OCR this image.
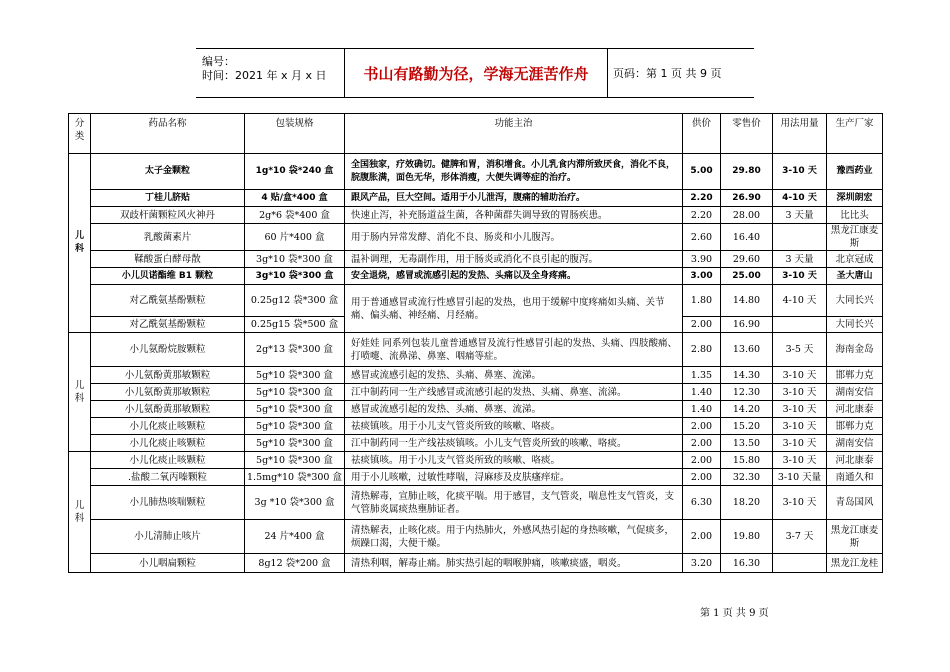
编号：
时间：2021 年 x 月 x 日	书山有路勤为径，学海无涯苦作舟	页码：第 1 页 共 9 页
分类	药品名称	包装规格	功能主治	供价	零售价	用法用量	生产厂家
儿科	太子金颗粒	1g*10 袋*240 盒	全国独家，疗效确切。健脾和胃，消积增食。小儿乳食内滞所致厌食，消化不良，脘腹胀满，面色无华，形体消瘦，大便失调等症的治疗。	5.00	29.80	3-10 天	豫西药业
	丁桂儿脐贴	4 贴/盒*400 盒	跟风产品，巨大空间。适用于小儿泄泻，腹痛的辅助治疗。	2.20	26.90	4-10 天	深圳朗宏
	双歧杆菌颗粒风火神丹	2g*6 袋*400 盒	快速止泻，补充肠道益生菌，各种菌群失调导致的胃肠疾患。	2.20	28.00	3 天量	比比头
	乳酸菌素片	60 片*400 盒	用于肠内异常发酵、消化不良、肠炎和小儿腹泻。	2.60	16.40		黑龙江康麦斯
	鞣酸蛋白酵母散	3g*10 袋*300 盒	温补调理，无毒副作用，用于肠炎或消化不良引起的腹泻。	3.90	29.60	3 天量	北京冠成
	小儿贝诺酯维 B1 颗粒	3g*10 袋*300 盒	安全退烧，感冒或流感引起的发热、头痛以及全身疼痛。	3.00	25.00	3-10 天	圣大唐山
	对乙酰氨基酚颗粒	0.25g12 袋*300 盒	用于普通感冒或流行性感冒引起的发热，也用于缓解中度疼痛如头痛、关节痛、偏头痛、神经痛、月经痛。	1.80	14.80	4-10 天	大同长兴
	对乙酰氨基酚颗粒	0.25g15 袋*500 盒		2.00	16.90		大同长兴
儿科	小儿氨酚烷胺颗粒	2g*13 袋*300 盒	好娃娃 同系列包装儿童普通感冒及流行性感冒引起的发热、头痛、四肢酸痛、打喷嚏、流鼻涕、鼻塞、咽痛等症。	2.80	13.60	3-5 天	海南金岛
	小儿氨酚黄那敏颗粒	5g*10 袋*300 盒	感冒或流感引起的发热、头痛、鼻塞、流涕。	1.35	14.30	3-10 天	邯郸力克
	小儿氨酚黄那敏颗粒	5g*10 袋*300 盒	江中制药同一生产线感冒或流感引起的发热、头痛、鼻塞、流涕。	1.40	12.30	3-10 天	湖南安信
	小儿氨酚黄那敏颗粒	5g*10 袋*300 盒	感冒或流感引起的发热、头痛、鼻塞、流涕。	1.40	14.20	3-10 天	河北康泰
	小儿化痰止咳颗粒	5g*10 袋*300 盒	祛痰镇咳。用于小儿支气管炎所致的咳嗽、咯痰。	2.00	15.20	3-10 天	邯郸力克
	小儿化痰止咳颗粒	5g*10 袋*300 盒	江中制药同一生产线祛痰镇咳。小儿支气管炎所致的咳嗽、咯痰。	2.00	13.50	3-10 天	湖南安信
儿科	小儿化痰止咳颗粒	5g*10 袋*300 盒	祛痰镇咳。用于小儿支气管炎所致的咳嗽、咯痰。	2.00	15.80	3-10 天	河北康泰
	.盐酸二氧丙嗪颗粒	1.5mg*10 袋*300 盒	用于小儿咳嗽，过敏性哮喘，浔麻疹及皮肤瘙痒症。	2.00	32.30	3-10 天量	南通久和
	小儿肺热咳喘颗粒	3g *10 袋*300 盒	清热解毒，宣肺止咳，化痰平喘。用于感冒，支气管炎，喘息性支气管炎，支气管肺炎属痰热壅肺证者。	6.30	18.20	3-10 天	青岛国风
	小儿清肺止咳片	24 片*400 盒	清热解表，止咳化痰。用于内热肺火，外感风热引起的身热咳嗽，气促痰多，烦躁口渴，大便干燥。	2.00	19.80	3-7 天	黑龙江康麦斯
	小儿咽扁颗粒	8g12 袋*200 盒	清热利咽，解毒止痛。肺实热引起的咽喉肿痛，咳嗽痰盛，咽炎。	3.20	16.30		黑龙江龙桂
第 1 页 共 9 页
